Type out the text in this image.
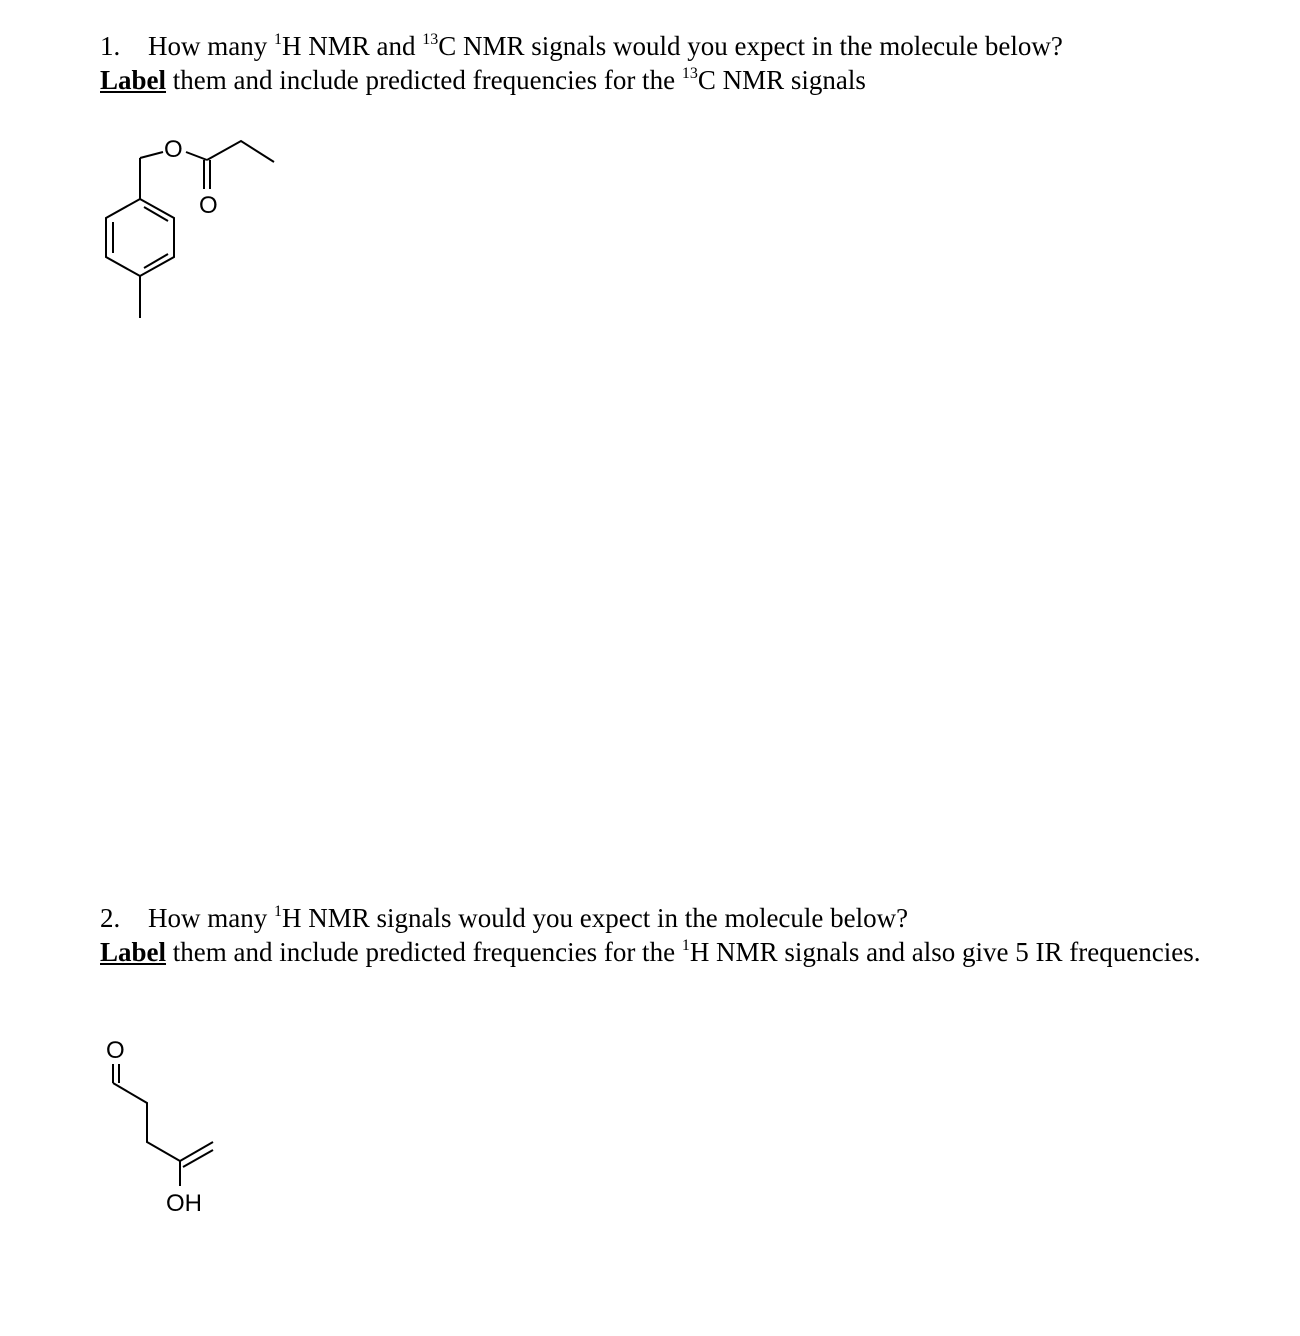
1. How many $^1$H NMR and $^{13}$C NMR signals would you expect in the molecule below?
Label them and include predicted frequencies for the $^{13}$C NMR signals
O
O
2. How many $^1$H NMR signals would you expect in the molecule below?
Label them and include predicted frequencies for the $^1$H NMR signals and also give 5 IR frequencies.
O
OH
